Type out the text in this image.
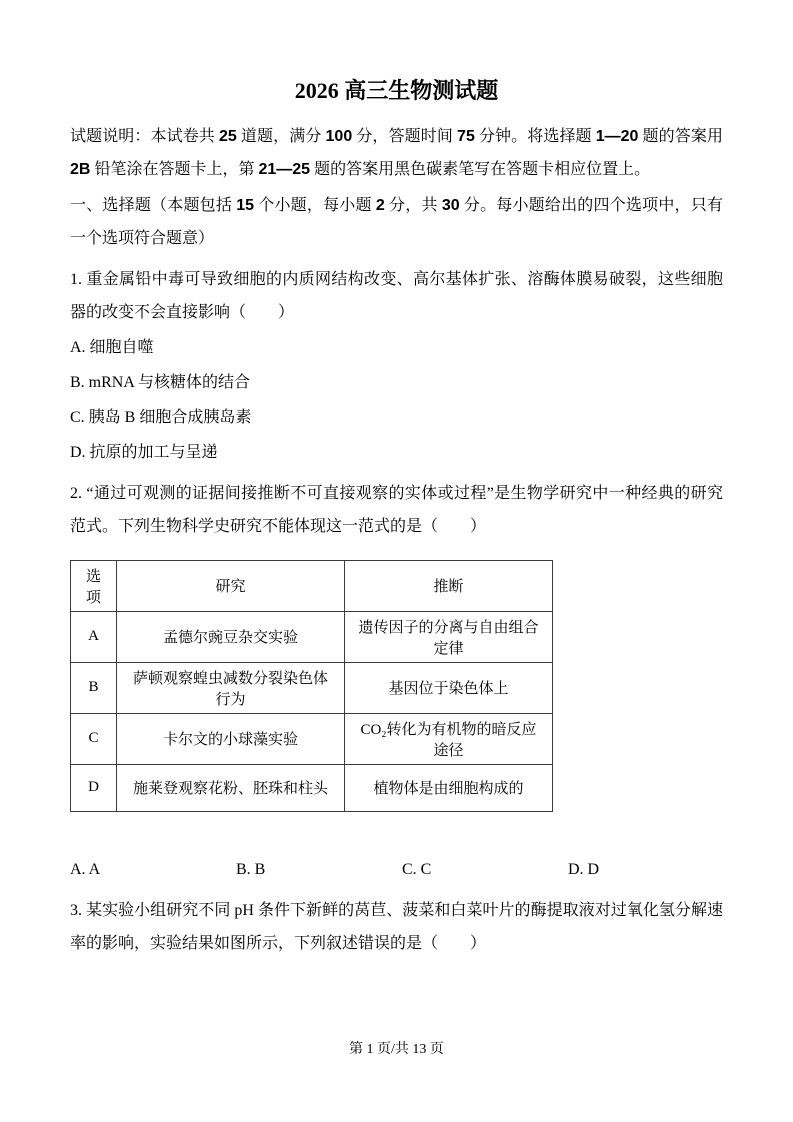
2026 高三生物测试题

试题说明：本试卷共 25 道题，满分 100 分，答题时间 75 分钟。将选择题 1—20 题的答案用2B 铅笔涂在答题卡上，第 21—25 题的答案用黑色碳素笔写在答题卡相应位置上。

一、选择题（本题包括 15 个小题，每小题 2 分，共 30 分。每小题给出的四个选项中，只有一个选项符合题意）

1. 重金属铅中毒可导致细胞的内质网结构改变、高尔基体扩张、溶酶体膜易破裂，这些细胞器的改变不会直接影响（　　）

A. 细胞自噬

B. mRNA 与核糖体的结合

C. 胰岛 B 细胞合成胰岛素

D. 抗原的加工与呈递

2. “通过可观测的证据间接推断不可直接观察的实体或过程”是生物学研究中一种经典的研究范式。下列生物科学史研究不能体现这一范式的是（　　）

选项	研究	推断
A	孟德尔豌豆杂交实验	遗传因子的分离与自由组合定律
B	萨顿观察蝗虫减数分裂染色体行为	基因位于染色体上
C	卡尔文的小球藻实验	CO₂转化为有机物的暗反应途径
D	施莱登观察花粉、胚珠和柱头	植物体是由细胞构成的
A. A	B. B	C. C	D. D

3. 某实验小组研究不同 pH 条件下新鲜的莴苣、菠菜和白菜叶片的酶提取液对过氧化氢分解速率的影响，实验结果如图所示，下列叙述错误的是（　　）

第 1 页/共 13 页
